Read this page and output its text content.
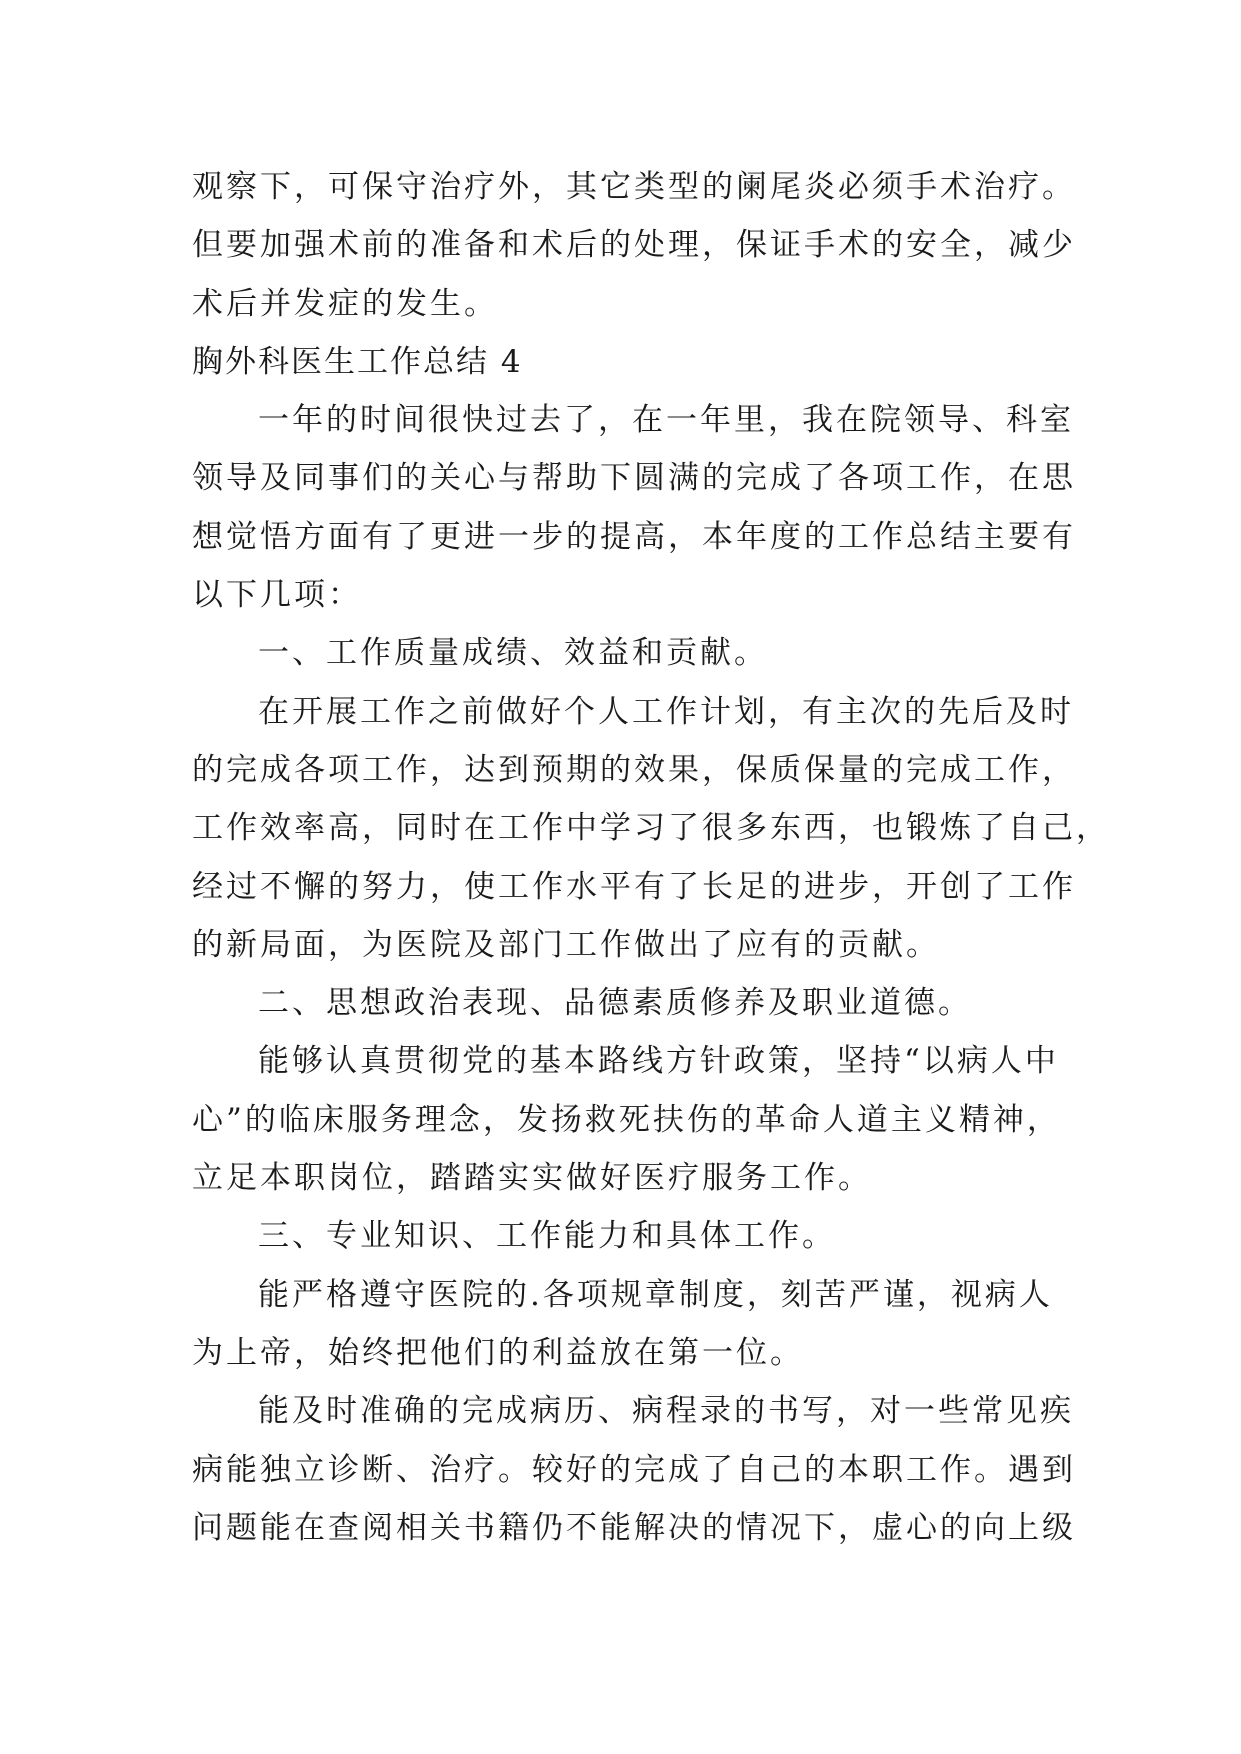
观察下，可保守治疗外，其它类型的阑尾炎必须手术治疗。
但要加强术前的准备和术后的处理，保证手术的安全，减少
术后并发症的发生。
胸外科医生工作总结 4
一年的时间很快过去了，在一年里，我在院领导、科室
领导及同事们的关心与帮助下圆满的完成了各项工作，在思
想觉悟方面有了更进一步的提高，本年度的工作总结主要有
以下几项：
一、工作质量成绩、效益和贡献。
在开展工作之前做好个人工作计划，有主次的先后及时
的完成各项工作，达到预期的效果，保质保量的完成工作，
工作效率高，同时在工作中学习了很多东西，也锻炼了自己，
经过不懈的努力，使工作水平有了长足的进步，开创了工作
的新局面，为医院及部门工作做出了应有的贡献。
二、思想政治表现、品德素质修养及职业道德。
能够认真贯彻党的基本路线方针政策，坚持“以病人中
心”的临床服务理念，发扬救死扶伤的革命人道主义精神，
立足本职岗位，踏踏实实做好医疗服务工作。
三、专业知识、工作能力和具体工作。
能严格遵守医院的.各项规章制度，刻苦严谨，视病人
为上帝，始终把他们的利益放在第一位。
能及时准确的完成病历、病程录的书写，对一些常见疾
病能独立诊断、治疗。较好的完成了自己的本职工作。遇到
问题能在查阅相关书籍仍不能解决的情况下，虚心的向上级
